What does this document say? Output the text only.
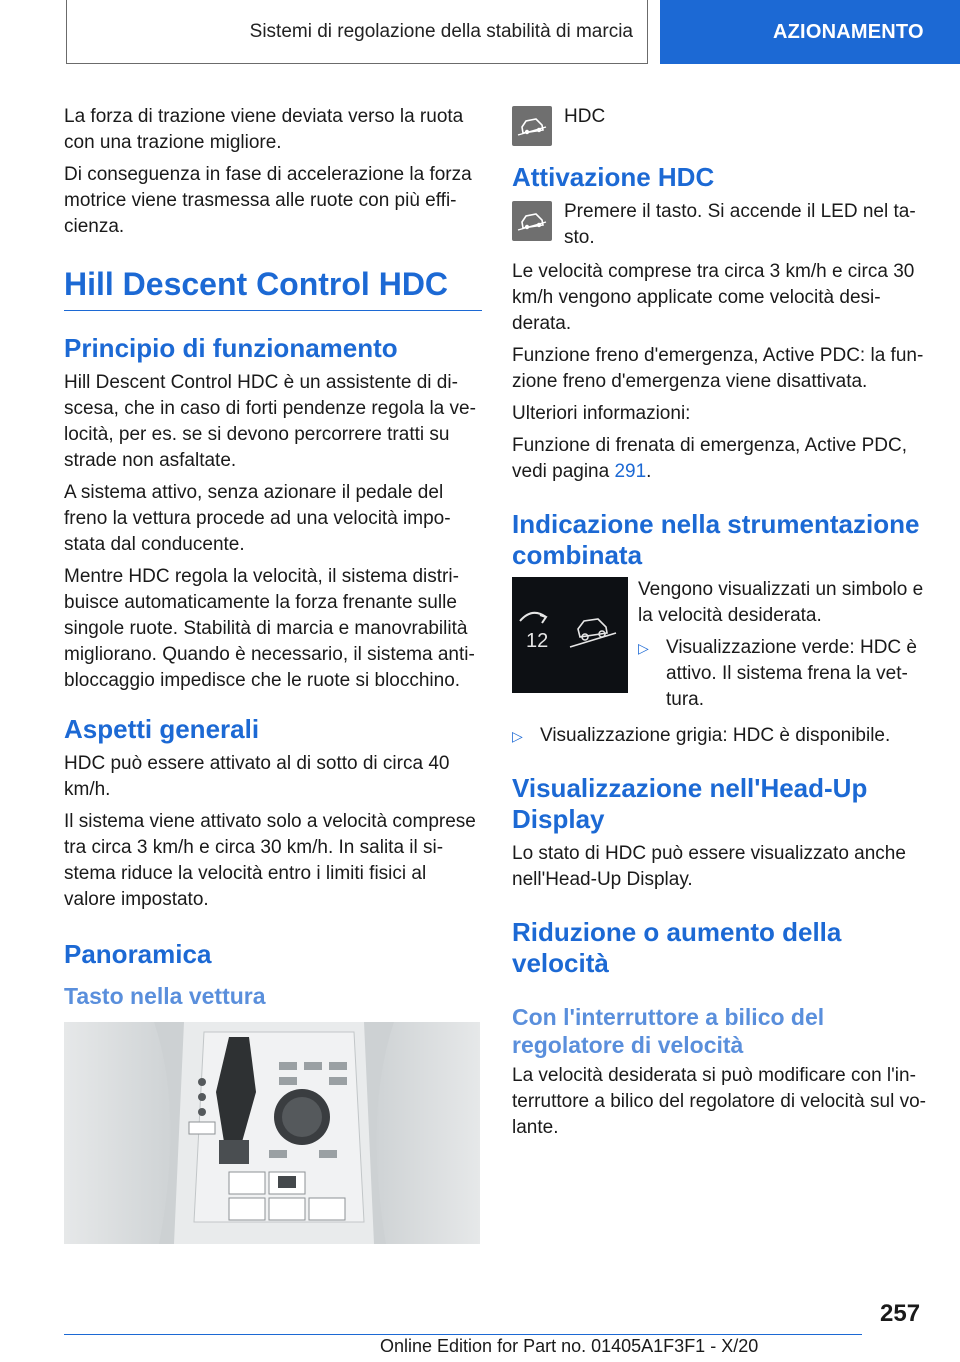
Sistemi di regolazione della stabilità di marcia	AZIONAMENTO

La forza di trazione viene deviata verso la ruota con una trazione migliore.

Di conseguenza in fase di accelerazione la forza motrice viene trasmessa alle ruote con più efficienza.

Hill Descent Control HDC
Principio di funzionamento

Hill Descent Control HDC è un assistente di discesa, che in caso di forti pendenze regola la velocità, per es. se si devono percorrere tratti su strade non asfaltate.

A sistema attivo, senza azionare il pedale del freno la vettura procede ad una velocità impostata dal conducente.

Mentre HDC regola la velocità, il sistema distribuisce automaticamente la forza frenante sulle singole ruote. Stabilità di marcia e manovrabilità migliorano. Quando è necessario, il sistema antibloccaggio impedisce che le ruote si blocchino.

Aspetti generali

HDC può essere attivato al di sotto di circa 40 km/h.

Il sistema viene attivato solo a velocità comprese tra circa 3 km/h e circa 30 km/h. In salita il sistema riduce la velocità entro i limiti fisici al valore impostato.

Panoramica
Tasto nella vettura

HDC

Attivazione HDC

Premere il tasto. Si accende il LED nel tasto.

Le velocità comprese tra circa 3 km/h e circa 30 km/h vengono applicate come velocità desiderata.

Funzione freno d'emergenza, Active PDC: la funzione freno d'emergenza viene disattivata.

Ulteriori informazioni:

Funzione di frenata di emergenza, Active PDC, vedi pagina 291.

Indicazione nella strumentazione combinata
12

Vengono visualizzati un simbolo e la velocità desiderata.

▷ Visualizzazione verde: HDC è attivo. Il sistema frena la vettura.
▷ Visualizzazione grigia: HDC è disponibile.
Visualizzazione nell'Head-Up Display

Lo stato di HDC può essere visualizzato anche nell'Head-Up Display.

Riduzione o aumento della velocità
Con l'interruttore a bilico del regolatore di velocità

La velocità desiderata si può modificare con l'interruttore a bilico del regolatore di velocità sul volante.

257
Online Edition for Part no. 01405A1F3F1 - X/20
